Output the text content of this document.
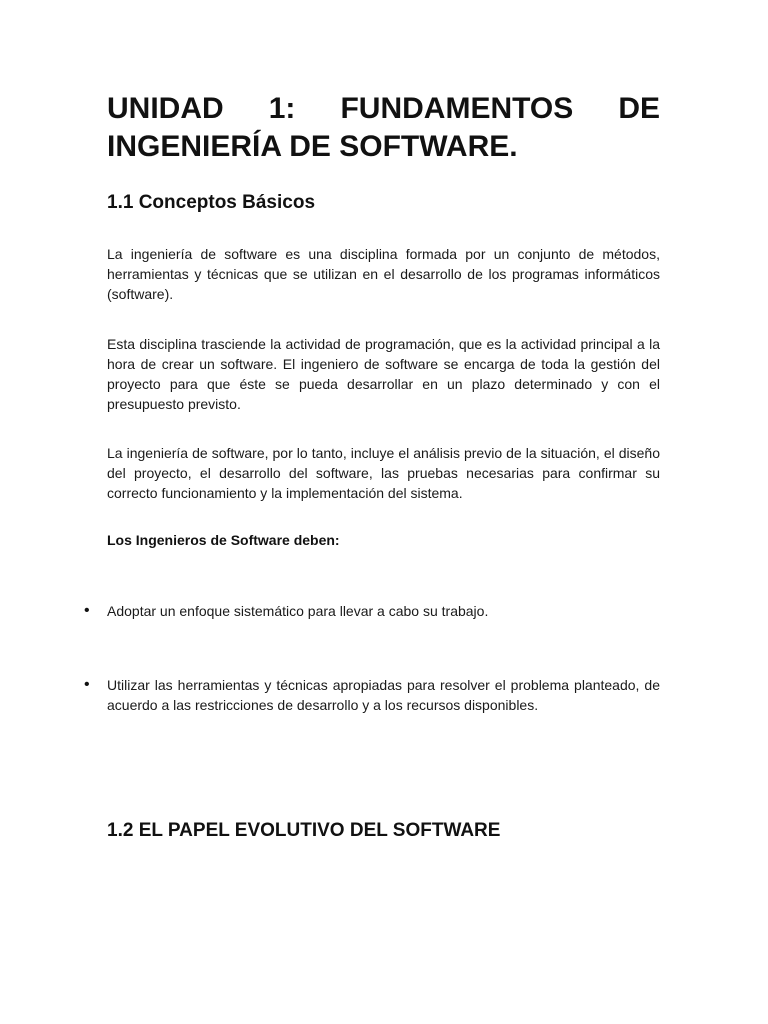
UNIDAD 1: FUNDAMENTOS DE
INGENIERÍA DE SOFTWARE.
1.1 Conceptos Básicos

La ingeniería de software es una disciplina formada por un conjunto de métodos, herramientas y técnicas que se utilizan en el desarrollo de los programas informáticos (software).

Esta disciplina trasciende la actividad de programación, que es la actividad principal a la hora de crear un software. El ingeniero de software se encarga de toda la gestión del proyecto para que éste se pueda desarrollar en un plazo determinado y con el presupuesto previsto.

La ingeniería de software, por lo tanto, incluye el análisis previo de la situación, el diseño del proyecto, el desarrollo del software, las pruebas necesarias para confirmar su correcto funcionamiento y la implementación del sistema.

Los Ingenieros de Software deben:

• Adoptar un enfoque sistemático para llevar a cabo su trabajo.

• Utilizar las herramientas y técnicas apropiadas para resolver el problema planteado, de acuerdo a las restricciones de desarrollo y a los recursos disponibles.

1.2 EL PAPEL EVOLUTIVO DEL SOFTWARE
